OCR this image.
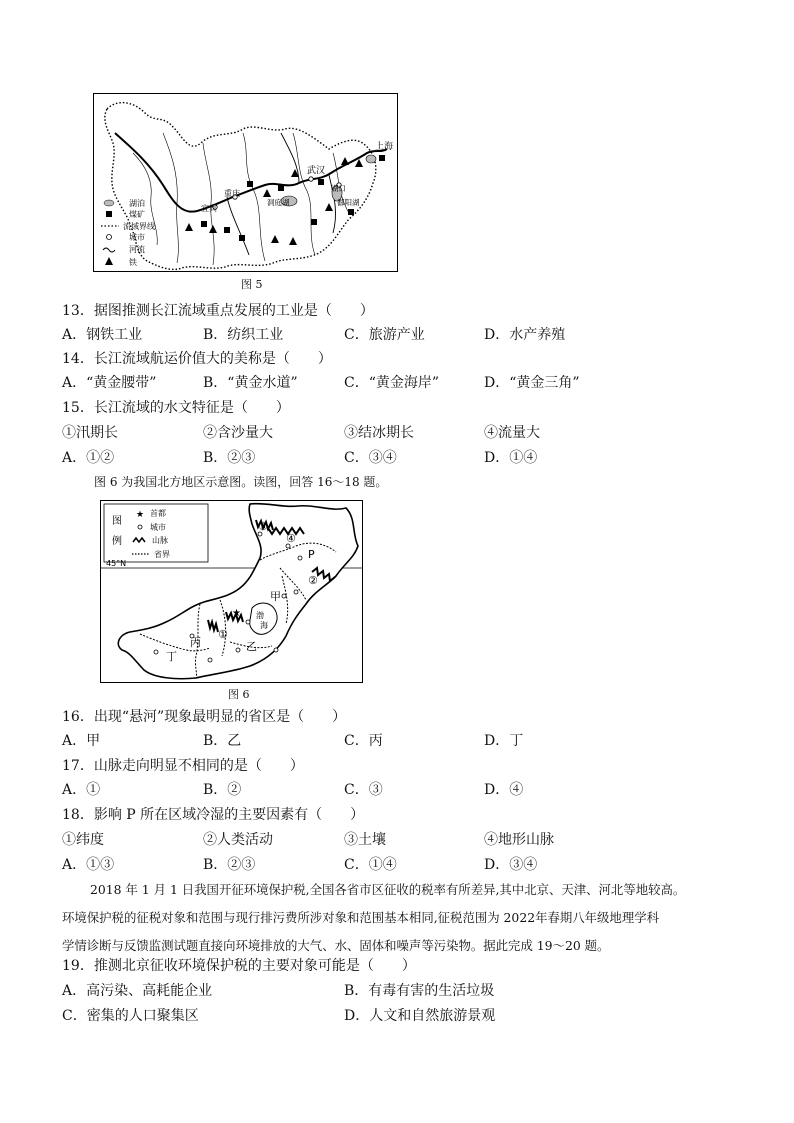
重庆
宜宾
武汉
洞庭湖
湖口
鄱阳湖
上海
湖泊
煤矿
流域界线
城市
河流
铁
图 5
13．据图推测长江流域重点发展的工业是（　　）
A．钢铁工业	B．纺织工业	C．旅游产业	D．水产养殖
14．长江流域航运价值大的美称是（　　）
A．“黄金腰带”	B．“黄金水道”	C．“黄金海岸”	D．“黄金三角”
15．长江流域的水文特征是（　　）
①汛期长	②含沙量大	③结冰期长	④流量大
A．①②	B．②③	C．③④	D．①④
图 6 为我国北方地区示意图。读图，回答 16～18 题。
图
例
★ 首都
城市
山脉
省界
45°N
★
③
④
②
①
P
甲
乙
丙
丁
渤
海
图 6
16．出现“悬河”现象最明显的省区是（　　）
A．甲	B．乙	C．丙	D．丁
17．山脉走向明显不相同的是（　　）
A．①	B．②	C．③	D．④
18．影响 P 所在区域冷湿的主要因素有（　　）
①纬度	②人类活动	③土壤	④地形山脉
A．①③	B．②③	C．①④	D．③④
2018 年 1 月 1 日我国开征环境保护税,全国各省市区征收的税率有所差异,其中北京、天津、河北等地较高。
环境保护税的征税对象和范围与现行排污费所涉对象和范围基本相同,征税范围为 2022年春期八年级地理学科
学情诊断与反馈监测试题直接向环境排放的大气、水、固体和噪声等污染物。据此完成 19～20 题。
19．推测北京征收环境保护税的主要对象可能是（　　）
A．高污染、高耗能企业	B．有毒有害的生活垃圾
C．密集的人口聚集区	D．人文和自然旅游景观
